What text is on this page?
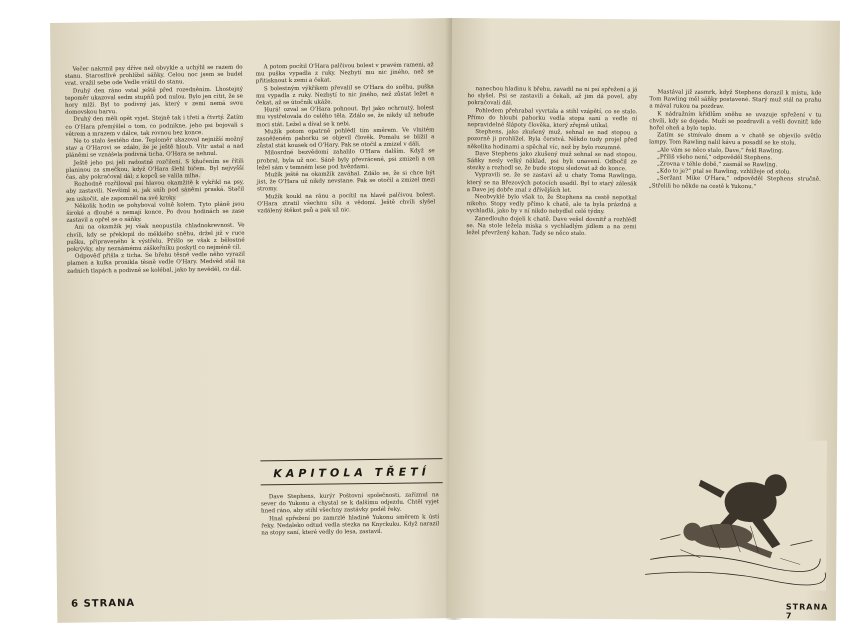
Večer nakrmil psy dříve než obvykle a uchýlil se razem do stanu. Starostlivě prohlížel sáňky. Celou noc jsem se budel vrat. vražil sebe ode Vedle vrátil do stanu.

Druhý den ráno vstal ještě před rozedněním. Lhostejný tepoměr ukazoval sedm stupňů pod nulou. Bylo jen cítit, že se hory mlží. Byl to podivný jas, který v zemi nemá svou domovskou barvu.

Druhý den měli opět vyjet. Stejně tak i třetí a čtvrtý. Zatím co O'Hara přemýšlel o tom, co podnikne, jeho psi bojovali s větrem a mrazem v dálce, tak rovnou bez konce.

Ne to stalo šestého dne. Teploměr ukazoval nejnižší možný stav a O'Harovi se zdálo, že je ještě hloub. Vítr ustal a nad pláněmi se vznášela podivná ticha. O'Hara se nehnul.

Ještě jeho psi jeli radostně rozčilení. S kňučením se řítili planinou za smečkou, když O'Hara šlehl bičem. Byl nejvyšší čas, aby pokračoval dál; z kopců se valila mlha.

Rozhodně rozčiloval psí hlavou okamžitě k vykřikl na psy, aby zastavili. Nevšiml si, jak sníh pod sáněmi praská. Stačil jen uskočit, ale zapomněl na své kroky.

Několik hodin se pohyboval volně kolem. Tyto pláně jsou široké a dlouhé a nemají konce. Po dvou hodinách se zase zastavil a opřel se o sáňky.

Ani na okamžik jej však neopustila chladnokrevnost. Ve chvíli, kdy se překlopil do měkkého sněhu, držel již v ruce pušku, připraveného k výstřelu. Přišlo se však z bělostné pokrývky, aby neznámému záškeřníku poskytl co nejméně cíl.

Odpověď přišla z ticha. Se břehu těsně vedle něho vyrazil plamen a kulka pronikla těsně vedle O'Hary. Medvěd stál na zadních tlapách a podivně se kolébal, jako by nevěděl, co dál.

A potom pocítil O'Hara palčivou bolest v pravém rameni, až mu puška vypadla z ruky. Nezbytí mu nic jiného, než se přitisknout k zemi a čekat.

S bolestným výkřikem převalil se O'Hara do sněhu, puška mu vypadla z ruky. Nezbytí to nic jiného, než zůstat ležet a čekat, až se útočník ukáže.

Hurá! ozval se O'Hara pohnout. Byl jako ochrnutý, bolest mu vystřelovala do celého těla. Zdálo se, že nikdy už nebude moci stát. Ležel a díval se k nebi.

Mužík potom opatrně pohlédl tím směrem. Ve vlnitém zasněženém pahorku se objevil člověk. Pomalu se blížil a zůstal stát kousek od O'Hary. Pak se otočil a zmizel v dáli.

Milosrdné bezvědomí zahalilo O'Hara dalším. Když se probral, byla už noc. Sáně byly převrácené, psi zmizeli a on ležel sám v temném lese pod hvězdami.

Mužík ještě na okamžik zaváhal. Zdálo se, že si chce být jist, že O'Hara už nikdy nevstane. Pak se otočil a zmizel mezi stromy.

Mužík koukl na ránu a pocítil na hlavě palčivou bolest. O'Hara ztratil všechnu sílu a vědomí. Ještě chvíli slyšel vzdálený štěkot psů a pak už nic.

KAPITOLA TŘETÍ

Dave Stephens, kurýr Poštovní společnosti, zaříznul na sever do Yukonu a chystal se k dalšímu odjezdu. Chtěl vyjet hned ráno, aby stihl všechny zastávky podél řeky.

Hnal spřežení po zamrzlé hladině Yukonu směrem k ústí řeky. Nedaleko odtud vedla stezka na Knyckuku. Když narazil na stopy saní, které vedly do lesa, zastavil.

6 STRANA

nanechou hladinu k břehu, zavadil na ni psí spřežení a já ho slyšel. Psi se zastavili a čekali, až jim dá povel, aby pokračovali dál.

Pohledem přehrabal vyvrtala a stihl vzápětí, co se stalo. Přímo do hloubi pahorku vedla stopa saní a vedle ní nepravidelné šlápoty člověka, který zřejmě utíkal.

Stephens, jako zkušený muž, sehnal se nad stopou a pozorně ji prohlížel. Byla čerstvá. Někdo tudy projel před několika hodinami a spěchal víc, než by bylo rozumné.

Dave Stephens jako zkušený muž sehnal se nad stopou. Sáňky nesly velký náklad, psi byli unavení. Odbočil ze stezky a rozhodl se, že bude stopu sledovat až do konce.

Vypravili se, že se zastaví až u chaty Toma Rawlinga, který se na Březových potocích usadil. Byl to starý zálesák a Dave jej dobře znal z dřívějších let.

Neobvyklé bylo však to, že Stephens na cestě nepotkal nikoho. Stopy vedly přímo k chatě, ale ta byla prázdná a vychladlá, jako by v ní nikdo nebydlel celé týdny.

Zanedlouho dojeli k chatě. Dave vešel dovnitř a rozhlédl se. Na stole ležela miska s vychladlým jídlem a na zemi ležel převržený kahan. Tady se něco stalo.

Mastával již zasmrk, když Stephens dorazil k místu, kde Tom Rawling měl sáňky postavené. Starý muž stál na prahu a mával rukou na pozdrav.

K nádražním křídlům sněhu se uvazuje spřežení v tu chvíli, kdy se dojede. Muži se pozdravili a vešli dovnitř, kde hořel oheň a bylo teplo.

Zatím se stmívalo dnem a v chatě se objevilo světlo lampy. Tom Rawling nalil kávu a posadil se ke stolu.

„Ale vám se něco stalo, Dave,“ řekl Rawling.

„Příliš všeho není,“ odpověděl Stephens.

„Zrovna v téhle době,“ zasmál se Rawling.

„Kdo to je?“ ptal se Rawling, vzhlížeje od stolu.

„Seržant Mike O'Hara,“ odpověděl Stephens stručně. „Střelili ho někde na cestě k Yukonu.“

STRANA 7
